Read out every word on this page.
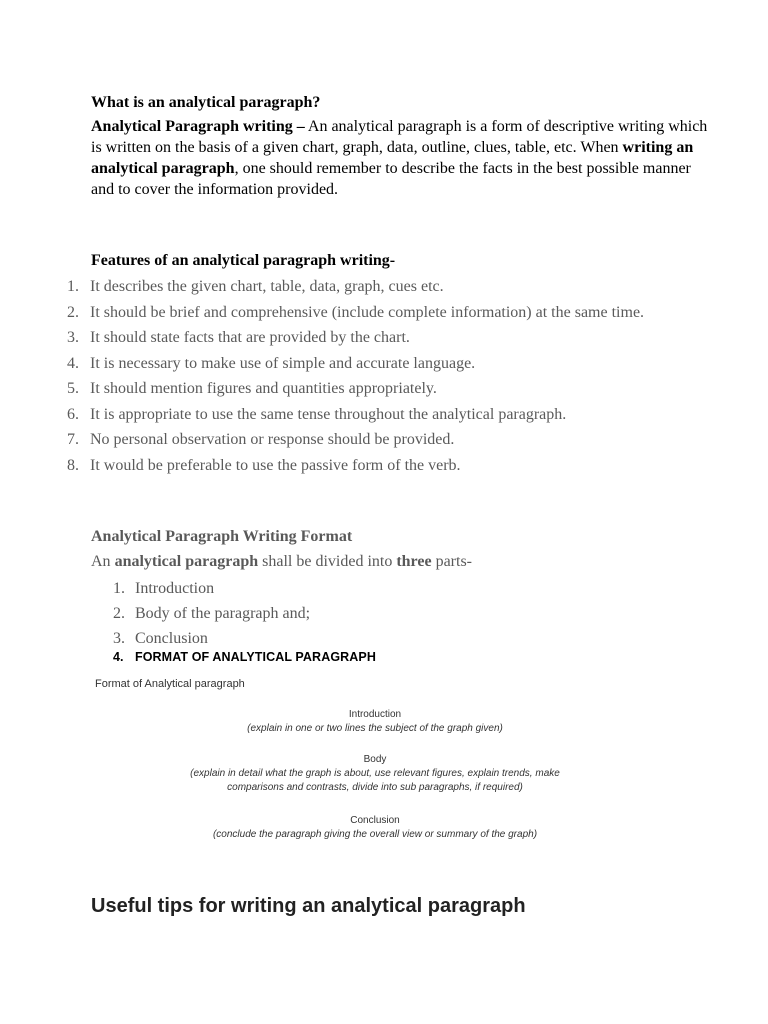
What is an analytical paragraph?
Analytical Paragraph writing – An analytical paragraph is a form of descriptive writing which is written on the basis of a given chart, graph, data, outline, clues, table, etc. When writing an analytical paragraph, one should remember to describe the facts in the best possible manner and to cover the information provided.
Features of an analytical paragraph writing-
1. It describes the given chart, table, data, graph, cues etc.
2. It should be brief and comprehensive (include complete information) at the same time.
3. It should state facts that are provided by the chart.
4. It is necessary to make use of simple and accurate language.
5. It should mention figures and quantities appropriately.
6. It is appropriate to use the same tense throughout the analytical paragraph.
7. No personal observation or response should be provided.
8. It would be preferable to use the passive form of the verb.
Analytical Paragraph Writing Format
An analytical paragraph shall be divided into three parts-
1. Introduction
2. Body of the paragraph and;
3. Conclusion
4. FORMAT OF ANALYTICAL PARAGRAPH
Format of Analytical paragraph
Introduction
(explain in one or two lines the subject of the graph given)
Body
(explain in detail what the graph is about, use relevant figures, explain trends, make
comparisons and contrasts, divide into sub paragraphs, if required)
Conclusion
(conclude the paragraph giving the overall view or summary of the graph)
Useful tips for writing an analytical paragraph
